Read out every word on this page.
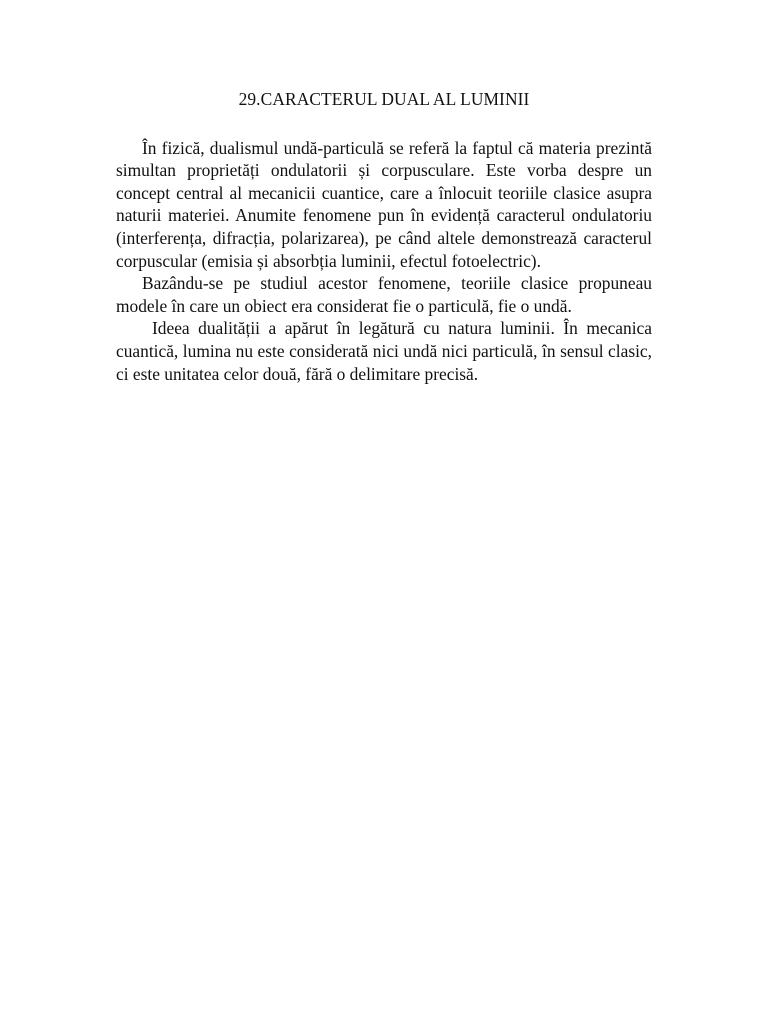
29.CARACTERUL DUAL AL LUMINII

În fizică, dualismul undă-particulă se referă la faptul că materia prezintă simultan proprietăți ondulatorii și corpusculare. Este vorba despre un concept central al mecanicii cuantice, care a înlocuit teoriile clasice asupra naturii materiei. Anumite fenomene pun în evidență caracterul ondulatoriu (interferența, difracția, polarizarea), pe când altele demonstrează caracterul corpuscular (emisia și absorbția luminii, efectul fotoelectric).

Bazându-se pe studiul acestor fenomene, teoriile clasice propuneau modele în care un obiect era considerat fie o particulă, fie o undă.

Ideea dualității a apărut în legătură cu natura luminii. În mecanica cuantică, lumina nu este considerată nici undă nici particulă, în sensul clasic, ci este unitatea celor două, fără o delimitare precisă.
